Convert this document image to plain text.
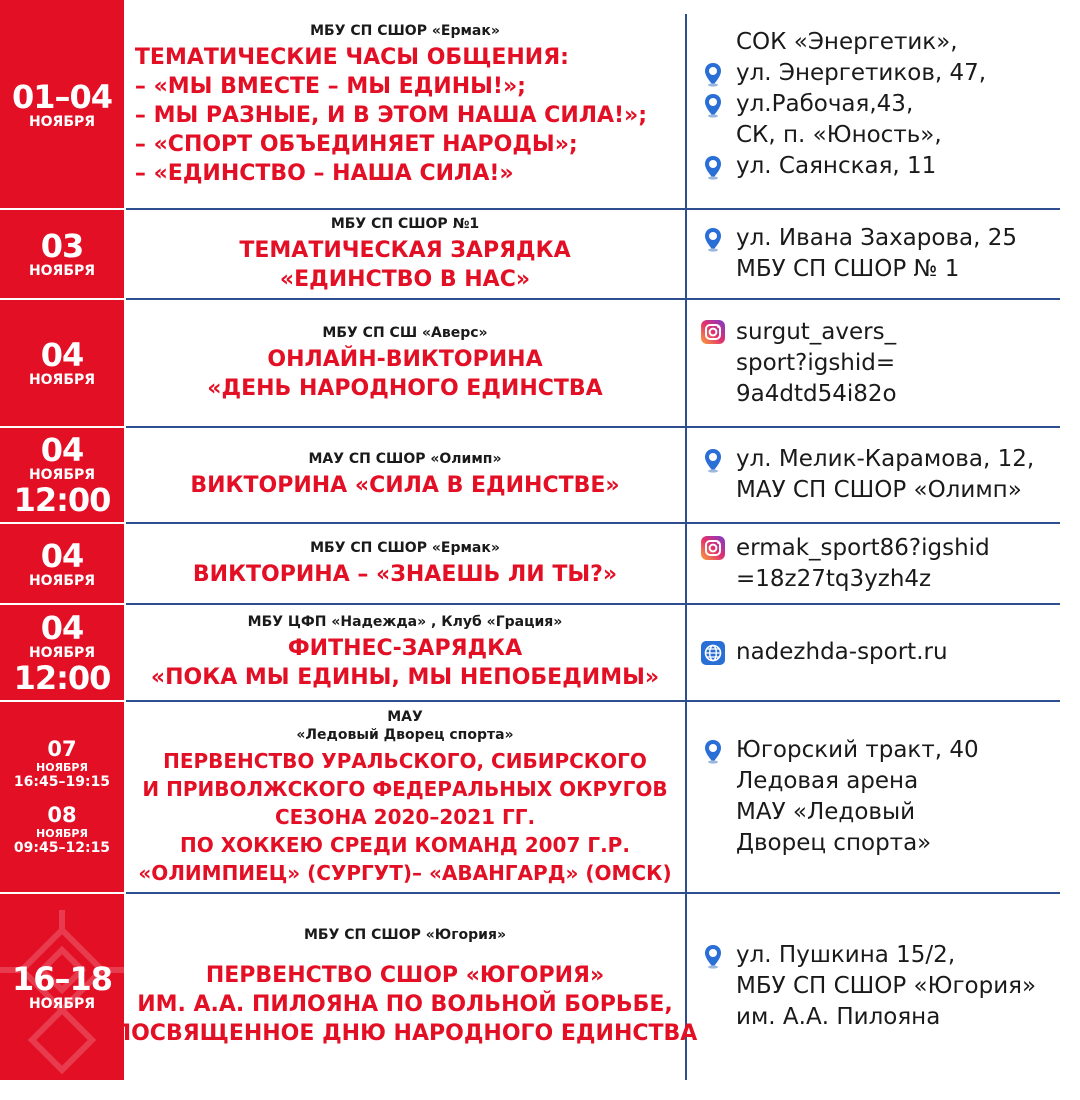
01–04
НОЯБРЯ
МБУ СП СШОР «Ермак»
ТЕМАТИЧЕСКИЕ ЧАСЫ ОБЩЕНИЯ:
– «МЫ ВМЕСТЕ – МЫ ЕДИНЫ!»;
– МЫ РАЗНЫЕ, И В ЭТОМ НАША СИЛА!»;
– «СПОРТ ОБЪЕДИНЯЕТ НАРОДЫ»;
– «ЕДИНСТВО – НАША СИЛА!»
СОК «Энергетик»,
ул. Энергетиков, 47,
ул.Рабочая,43,
СК, п. «Юность»,
ул. Саянская, 11
03
НОЯБРЯ
МБУ СП СШОР №1
ТЕМАТИЧЕСКАЯ ЗАРЯДКА
«ЕДИНСТВО В НАС»
ул. Ивана Захарова, 25
МБУ СП СШОР № 1
04
НОЯБРЯ
МБУ СП СШ «Аверс»
ОНЛАЙН-ВИКТОРИНА
«ДЕНЬ НАРОДНОГО ЕДИНСТВА
surgut_avers_
sport?igshid=
9a4dtd54i82o
04
НОЯБРЯ
12:00
МАУ СП СШОР «Олимп»
ВИКТОРИНА «СИЛА В ЕДИНСТВЕ»
ул. Мелик-Карамова, 12,
МАУ СП СШОР «Олимп»
04
НОЯБРЯ
МБУ СП СШОР «Ермак»
ВИКТОРИНА – «ЗНАЕШЬ ЛИ ТЫ?»
ermak_sport86?igshid
=18z27tq3yzh4z
04
НОЯБРЯ
12:00
МБУ ЦФП «Надежда» , Клуб «Грация»
ФИТНЕС-ЗАРЯДКА
«ПОКА МЫ ЕДИНЫ, МЫ НЕПОБЕДИМЫ»
nadezhda-sport.ru
07
НОЯБРЯ
16:45–19:15
08
НОЯБРЯ
09:45–12:15
МАУ
«Ледовый Дворец спорта»
ПЕРВЕНСТВО УРАЛЬСКОГО, СИБИРСКОГО
И ПРИВОЛЖСКОГО ФЕДЕРАЛЬНЫХ ОКРУГОВ
СЕЗОНА 2020–2021 ГГ.
ПО ХОККЕЮ СРЕДИ КОМАНД 2007 Г.Р.
«ОЛИМПИЕЦ» (СУРГУТ)– «АВАНГАРД» (ОМСК)
Югорский тракт, 40
Ледовая арена
МАУ «Ледовый
Дворец спорта»
16–18
НОЯБРЯ
МБУ СП СШОР «Югория»
ПЕРВЕНСТВО СШОР «ЮГОРИЯ»
ИМ. А.А. ПИЛОЯНА ПО ВОЛЬНОЙ БОРЬБЕ,
ПОСВЯЩЕННОЕ ДНЮ НАРОДНОГО ЕДИНСТВА
ул. Пушкина 15/2,
МБУ СП СШОР «Югория»
им. А.А. Пилояна
